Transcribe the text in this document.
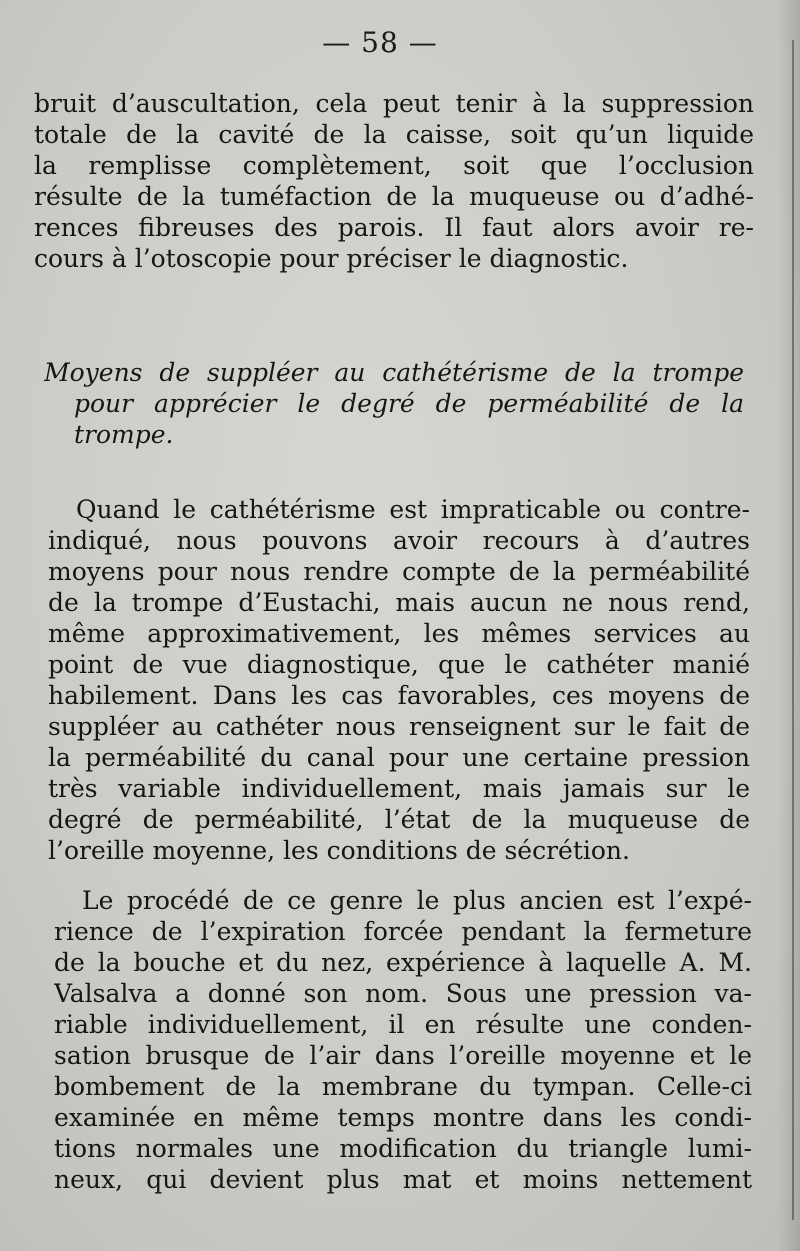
— 58 —
bruit d’auscultation, cela peut tenir à la suppression
totale de la cavité de la caisse, soit qu’un liquide
la remplisse complètement, soit que l’occlusion
résulte de la tuméfaction de la muqueuse ou d’adhé-
rences fibreuses des parois. Il faut alors avoir re-
cours à l’otoscopie pour préciser le diagnostic.
Moyens de suppléer au cathétérisme de la trompe
pour apprécier le degré de perméabilité de la
trompe.
Quand le cathétérisme est impraticable ou contre-
indiqué, nous pouvons avoir recours à d’autres
moyens pour nous rendre compte de la perméabilité
de la trompe d’Eustachi, mais aucun ne nous rend,
même approximativement, les mêmes services au
point de vue diagnostique, que le cathéter manié
habilement. Dans les cas favorables, ces moyens de
suppléer au cathéter nous renseignent sur le fait de
la perméabilité du canal pour une certaine pression
très variable individuellement, mais jamais sur le
degré de perméabilité, l’état de la muqueuse de
l’oreille moyenne, les conditions de sécrétion.
Le procédé de ce genre le plus ancien est l’expé-
rience de l’expiration forcée pendant la fermeture
de la bouche et du nez, expérience à laquelle A. M.
Valsalva a donné son nom. Sous une pression va-
riable individuellement, il en résulte une conden-
sation brusque de l’air dans l’oreille moyenne et le
bombement de la membrane du tympan. Celle-ci
examinée en même temps montre dans les condi-
tions normales une modification du triangle lumi-
neux, qui devient plus mat et moins nettement
